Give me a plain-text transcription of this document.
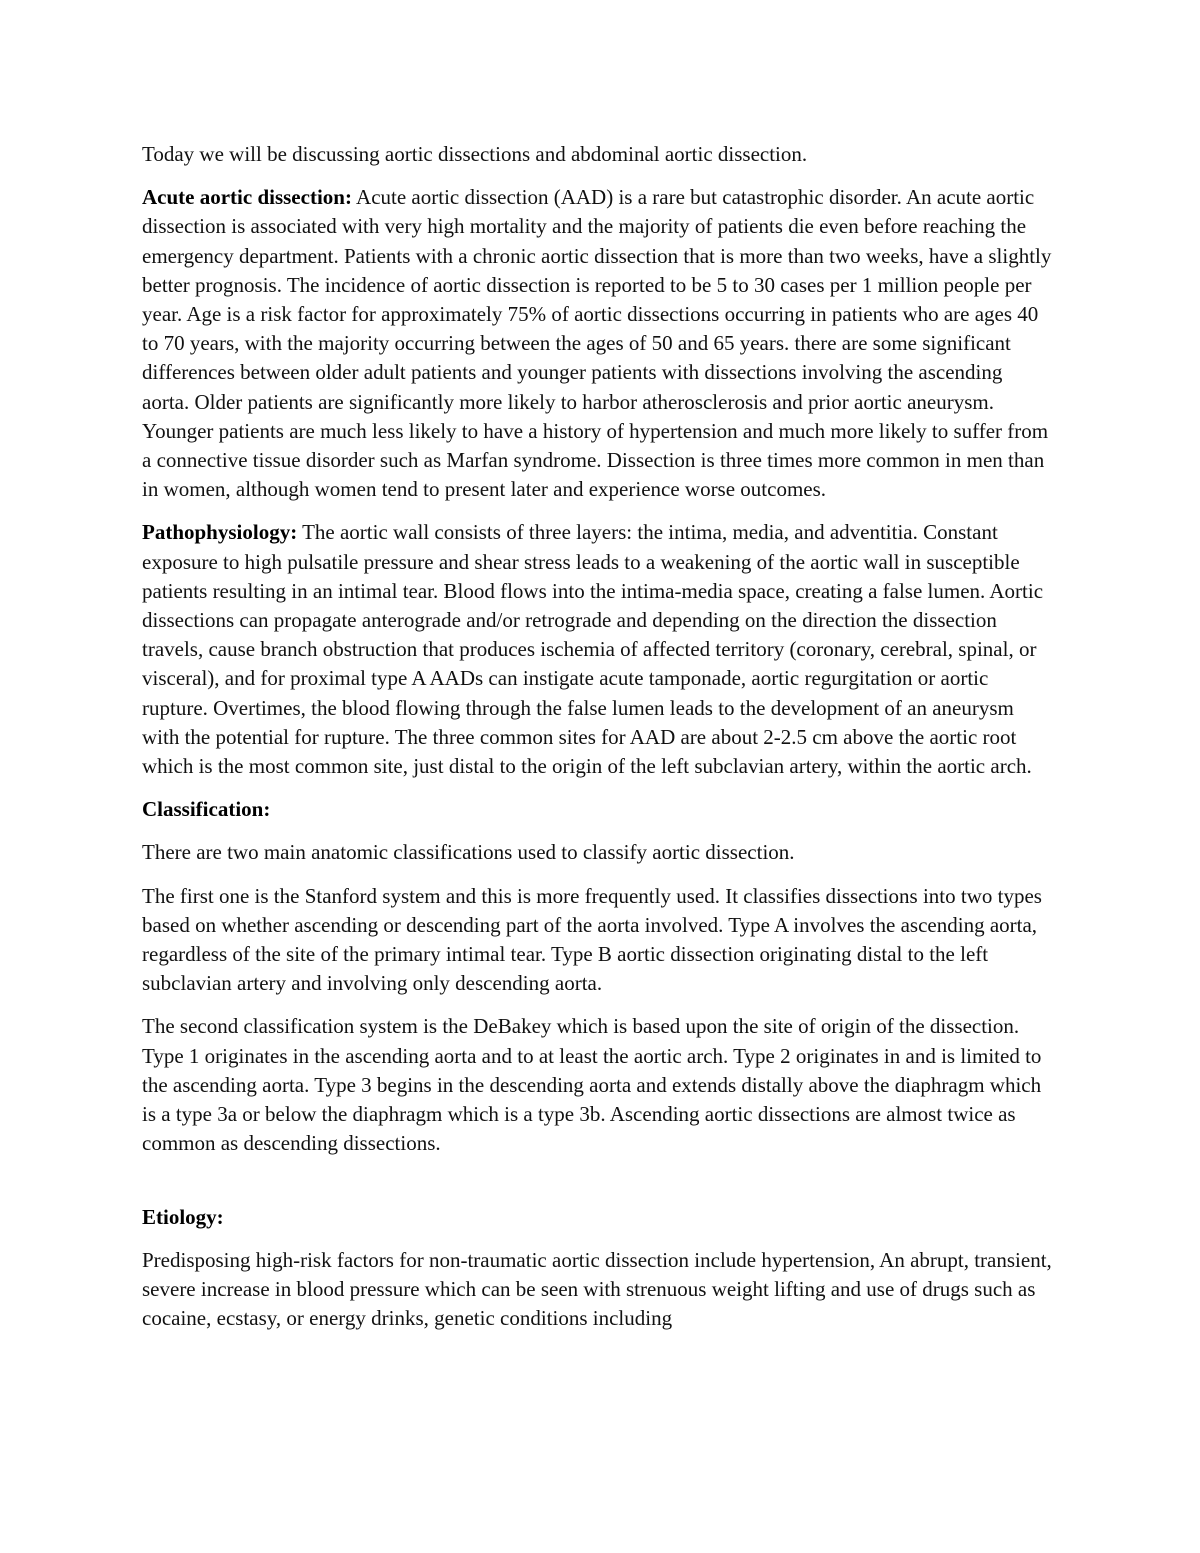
Today we will be discussing aortic dissections and abdominal aortic dissection.

Acute aortic dissection: Acute aortic dissection (AAD) is a rare but catastrophic disorder. An acute aortic dissection is associated with very high mortality and the majority of patients die even before reaching the emergency department. Patients with a chronic aortic dissection that is more than two weeks, have a slightly better prognosis. The incidence of aortic dissection is reported to be 5 to 30 cases per 1 million people per year. Age is a risk factor for approximately 75% of aortic dissections occurring in patients who are ages 40 to 70 years, with the majority occurring between the ages of 50 and 65 years. there are some significant differences between older adult patients and younger patients with dissections involving the ascending aorta. Older patients are significantly more likely to harbor atherosclerosis and prior aortic aneurysm. Younger patients are much less likely to have a history of hypertension and much more likely to suffer from a connective tissue disorder such as Marfan syndrome. Dissection is three times more common in men than in women, although women tend to present later and experience worse outcomes.

Pathophysiology: The aortic wall consists of three layers: the intima, media, and adventitia. Constant exposure to high pulsatile pressure and shear stress leads to a weakening of the aortic wall in susceptible patients resulting in an intimal tear. Blood flows into the intima-media space, creating a false lumen. Aortic dissections can propagate anterograde and/or retrograde and depending on the direction the dissection travels, cause branch obstruction that produces ischemia of affected territory (coronary, cerebral, spinal, or visceral), and for proximal type A AADs can instigate acute tamponade, aortic regurgitation or aortic rupture. Overtimes, the blood flowing through the false lumen leads to the development of an aneurysm with the potential for rupture. The three common sites for AAD are about 2-2.5 cm above the aortic root which is the most common site, just distal to the origin of the left subclavian artery, within the aortic arch.

Classification:

There are two main anatomic classifications used to classify aortic dissection.

The first one is the Stanford system and this is more frequently used. It classifies dissections into two types based on whether ascending or descending part of the aorta involved. Type A involves the ascending aorta, regardless of the site of the primary intimal tear. Type B aortic dissection originating distal to the left subclavian artery and involving only descending aorta.

The second classification system is the DeBakey which is based upon the site of origin of the dissection. Type 1 originates in the ascending aorta and to at least the aortic arch. Type 2 originates in and is limited to the ascending aorta. Type 3 begins in the descending aorta and extends distally above the diaphragm which is a type 3a or below the diaphragm which is a type 3b. Ascending aortic dissections are almost twice as common as descending dissections.

Etiology:

Predisposing high-risk factors for non-traumatic aortic dissection include hypertension, An abrupt, transient, severe increase in blood pressure which can be seen with strenuous weight lifting and use of drugs such as cocaine, ecstasy, or energy drinks, genetic conditions including
